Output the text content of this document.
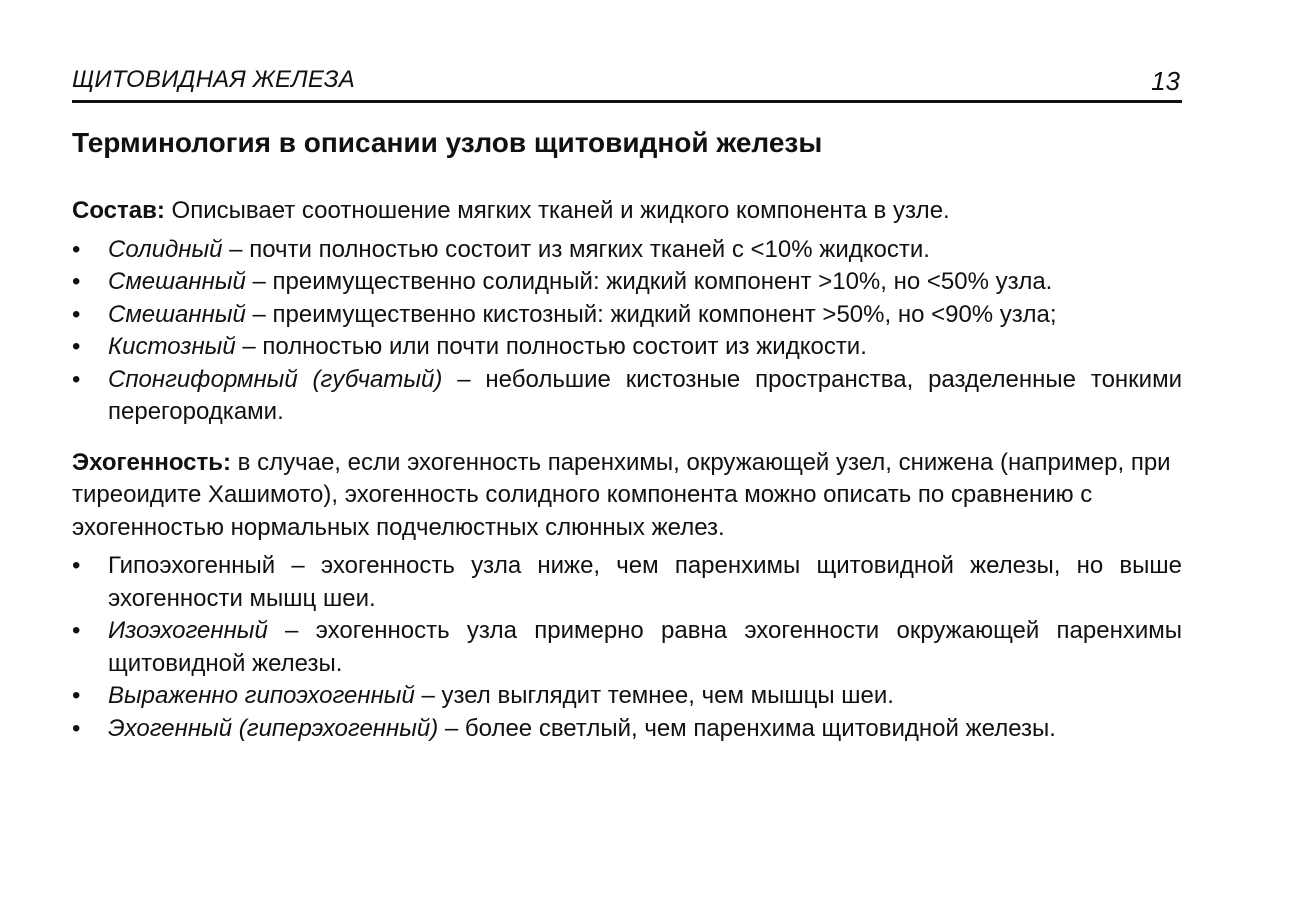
ЩИТОВИДНАЯ ЖЕЛЕЗА	13
Терминология в описании узлов щитовидной железы

Состав: Описывает соотношение мягких тканей и жидкого компонента в узле.

• Солидный – почти полностью состоит из мягких тканей с <10% жидкости.
• Смешанный – преимущественно солидный: жидкий компонент >10%, но <50% узла.
• Смешанный – преимущественно кистозный: жидкий компонент >50%, но <90% узла;
• Кистозный – полностью или почти полностью состоит из жидкости.
• Спонгиформный (губчатый) – небольшие кистозные пространства, разделенные тонкими перегородками.

Эхогенность: в случае, если эхогенность паренхимы, окружающей узел, снижена (например, при тиреоидите Хашимото), эхогенность солидного компонента можно описать по сравнению с эхогенностью нормальных подчелюстных слюнных желез.

• Гипоэхогенный – эхогенность узла ниже, чем паренхимы щитовидной железы, но выше эхогенности мышц шеи.
• Изоэхогенный – эхогенность узла примерно равна эхогенности окружающей паренхимы щитовидной железы.
• Выраженно гипоэхогенный – узел выглядит темнее, чем мышцы шеи.
• Эхогенный (гиперэхогенный) – более светлый, чем паренхима щитовидной железы.
